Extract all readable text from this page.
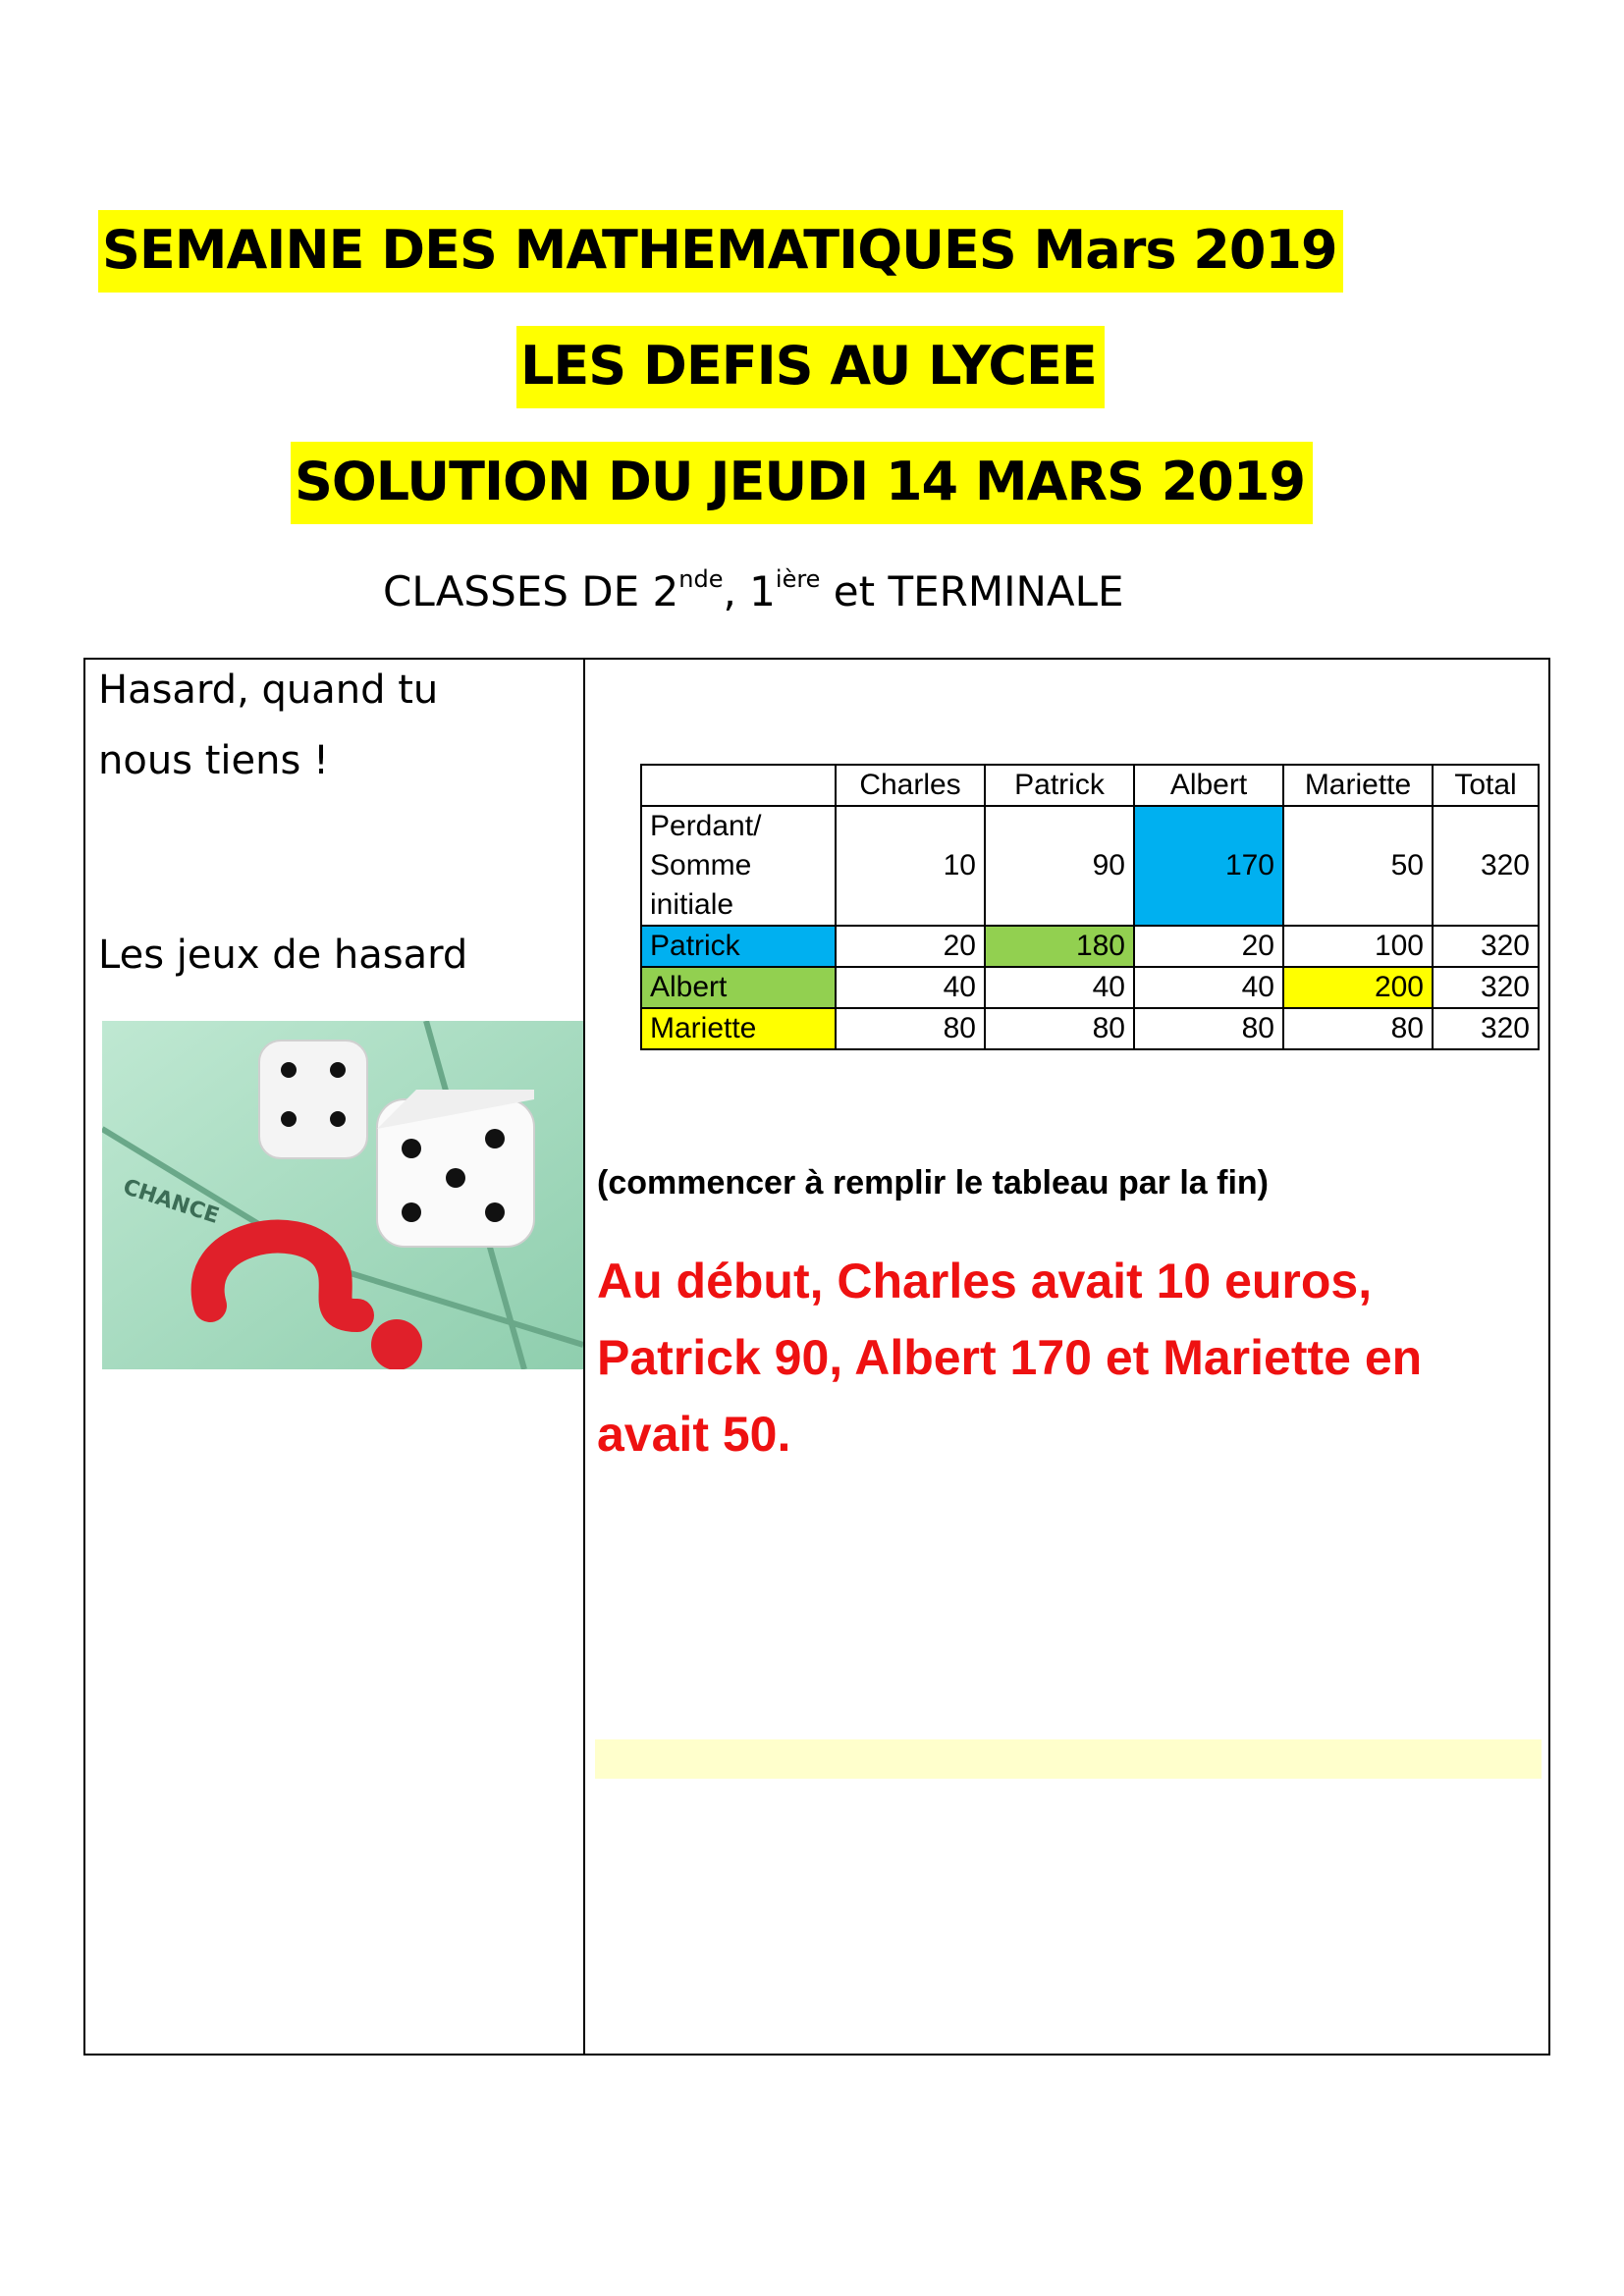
SEMAINE DES MATHEMATIQUES Mars 2019
LES DEFIS AU LYCEE
SOLUTION DU JEUDI 14 MARS 2019
CLASSES DE 2nde, $1^{ière}$ et TERMINALE
Hasard, quand tu
nous tiens !
Les jeux de hasard
CHANCE
	Charles	Patrick	Albert	Mariette	Total
Perdant/ Somme initiale	10	90	170	50	320
Patrick	20	180	20	100	320
Albert	40	40	40	200	320
Mariette	80	80	80	80	320
(commencer à remplir le tableau par la fin)
Au début, Charles avait 10 euros, Patrick 90, Albert 170 et Mariette en avait 50.
